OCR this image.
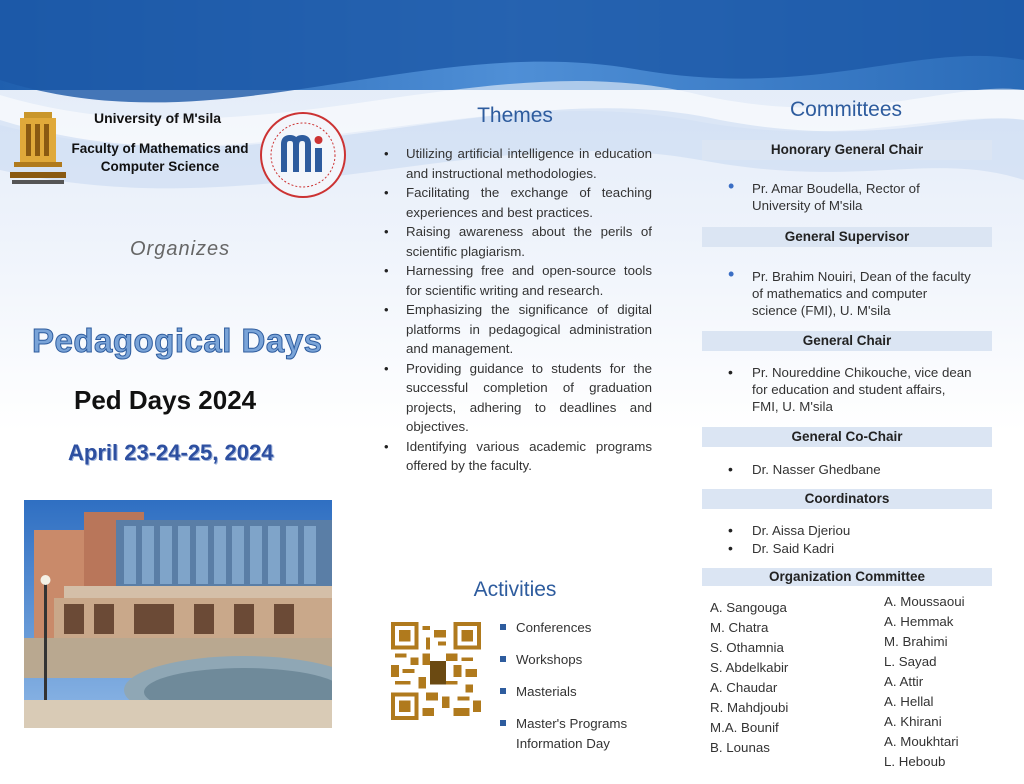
University of M'sila
Faculty of Mathematics and Computer Science
Organizes
Pedagogical Days
Ped Days 2024
April 23-24-25, 2024
Themes
• Utilizing artificial intelligence in education and instructional methodologies.
• Facilitating the exchange of teaching experiences and best practices.
• Raising awareness about the perils of scientific plagiarism.
• Harnessing free and open-source tools for scientific writing and research.
• Emphasizing the significance of digital platforms in pedagogical administration and management.
• Providing guidance to students for the successful completion of graduation projects, adhering to deadlines and objectives.
• Identifying various academic programs offered by the faculty.
Activities
Conferences
Workshops
Masterials
Master's Programs Information Day
Committees
Honorary General Chair
• Pr. Amar Boudella, Rector of University of M'sila
General Supervisor
• Pr. Brahim Nouiri, Dean of the faculty of mathematics and computer science (FMI), U. M'sila
General Chair
• Pr. Noureddine Chikouche, vice dean for education and student affairs, FMI, U. M'sila
General Co-Chair
• Dr. Nasser Ghedbane
Coordinators
• Dr. Aissa Djeriou
• Dr. Said Kadri
Organization Committee
A. Sangouga
M. Chatra
S. Othamnia
S. Abdelkabir
A. Chaudar
R. Mahdjoubi
M.A. Bounif
B. Lounas
A. Moussaoui
A. Hemmak
M. Brahimi
L. Sayad
A. Attir
A. Hellal
A. Khirani
A. Moukhtari
L. Heboub
